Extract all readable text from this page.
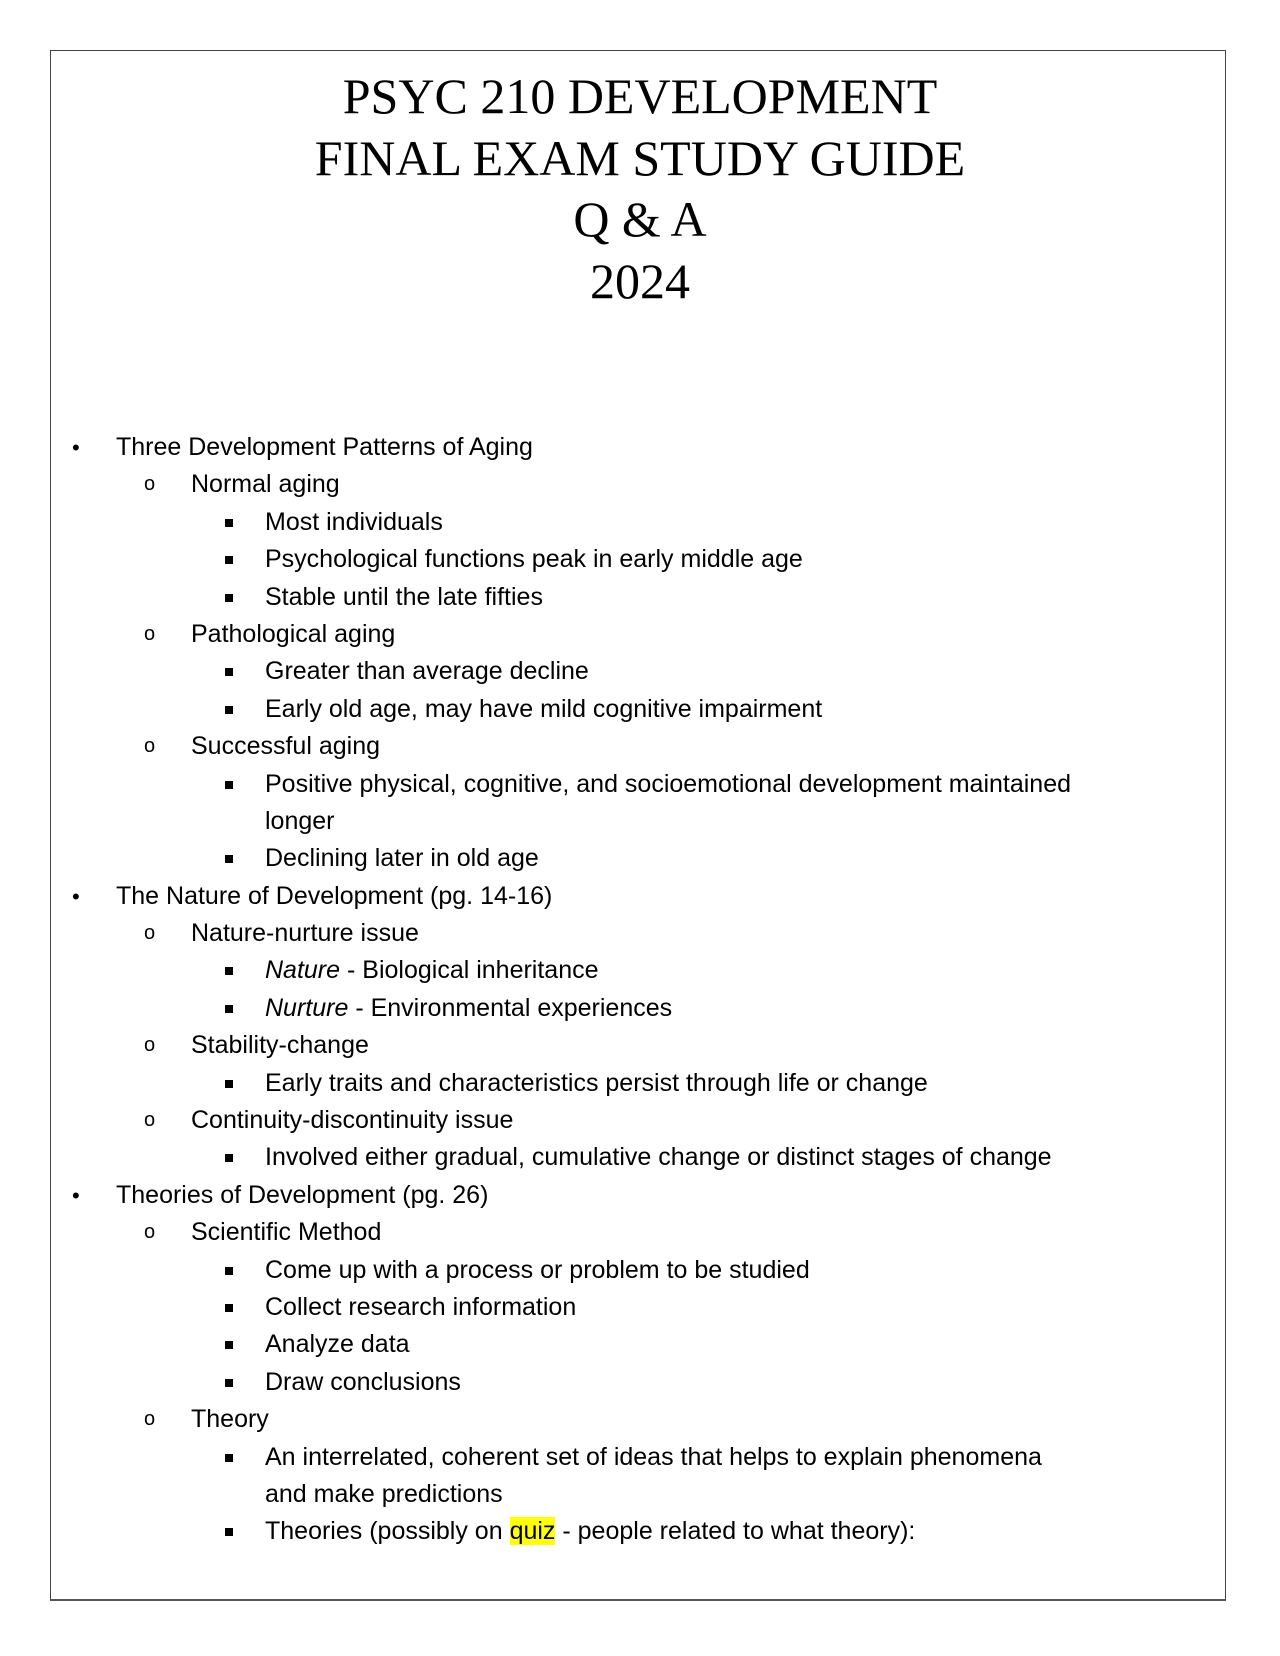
PSYC 210 DEVELOPMENT
FINAL EXAM STUDY GUIDE
Q & A
2024
• Three Development Patterns of Aging
o Normal aging
Most individuals
Psychological functions peak in early middle age
Stable until the late fifties
o Pathological aging
Greater than average decline
Early old age, may have mild cognitive impairment
o Successful aging
Positive physical, cognitive, and socioemotional development maintained
longer
Declining later in old age
• The Nature of Development (pg. 14-16)
o Nature-nurture issue
Nature - Biological inheritance
Nurture - Environmental experiences
o Stability-change
Early traits and characteristics persist through life or change
o Continuity-discontinuity issue
Involved either gradual, cumulative change or distinct stages of change
• Theories of Development (pg. 26)
o Scientific Method
Come up with a process or problem to be studied
Collect research information
Analyze data
Draw conclusions
o Theory
An interrelated, coherent set of ideas that helps to explain phenomena
and make predictions
Theories (possibly on quiz - people related to what theory):
